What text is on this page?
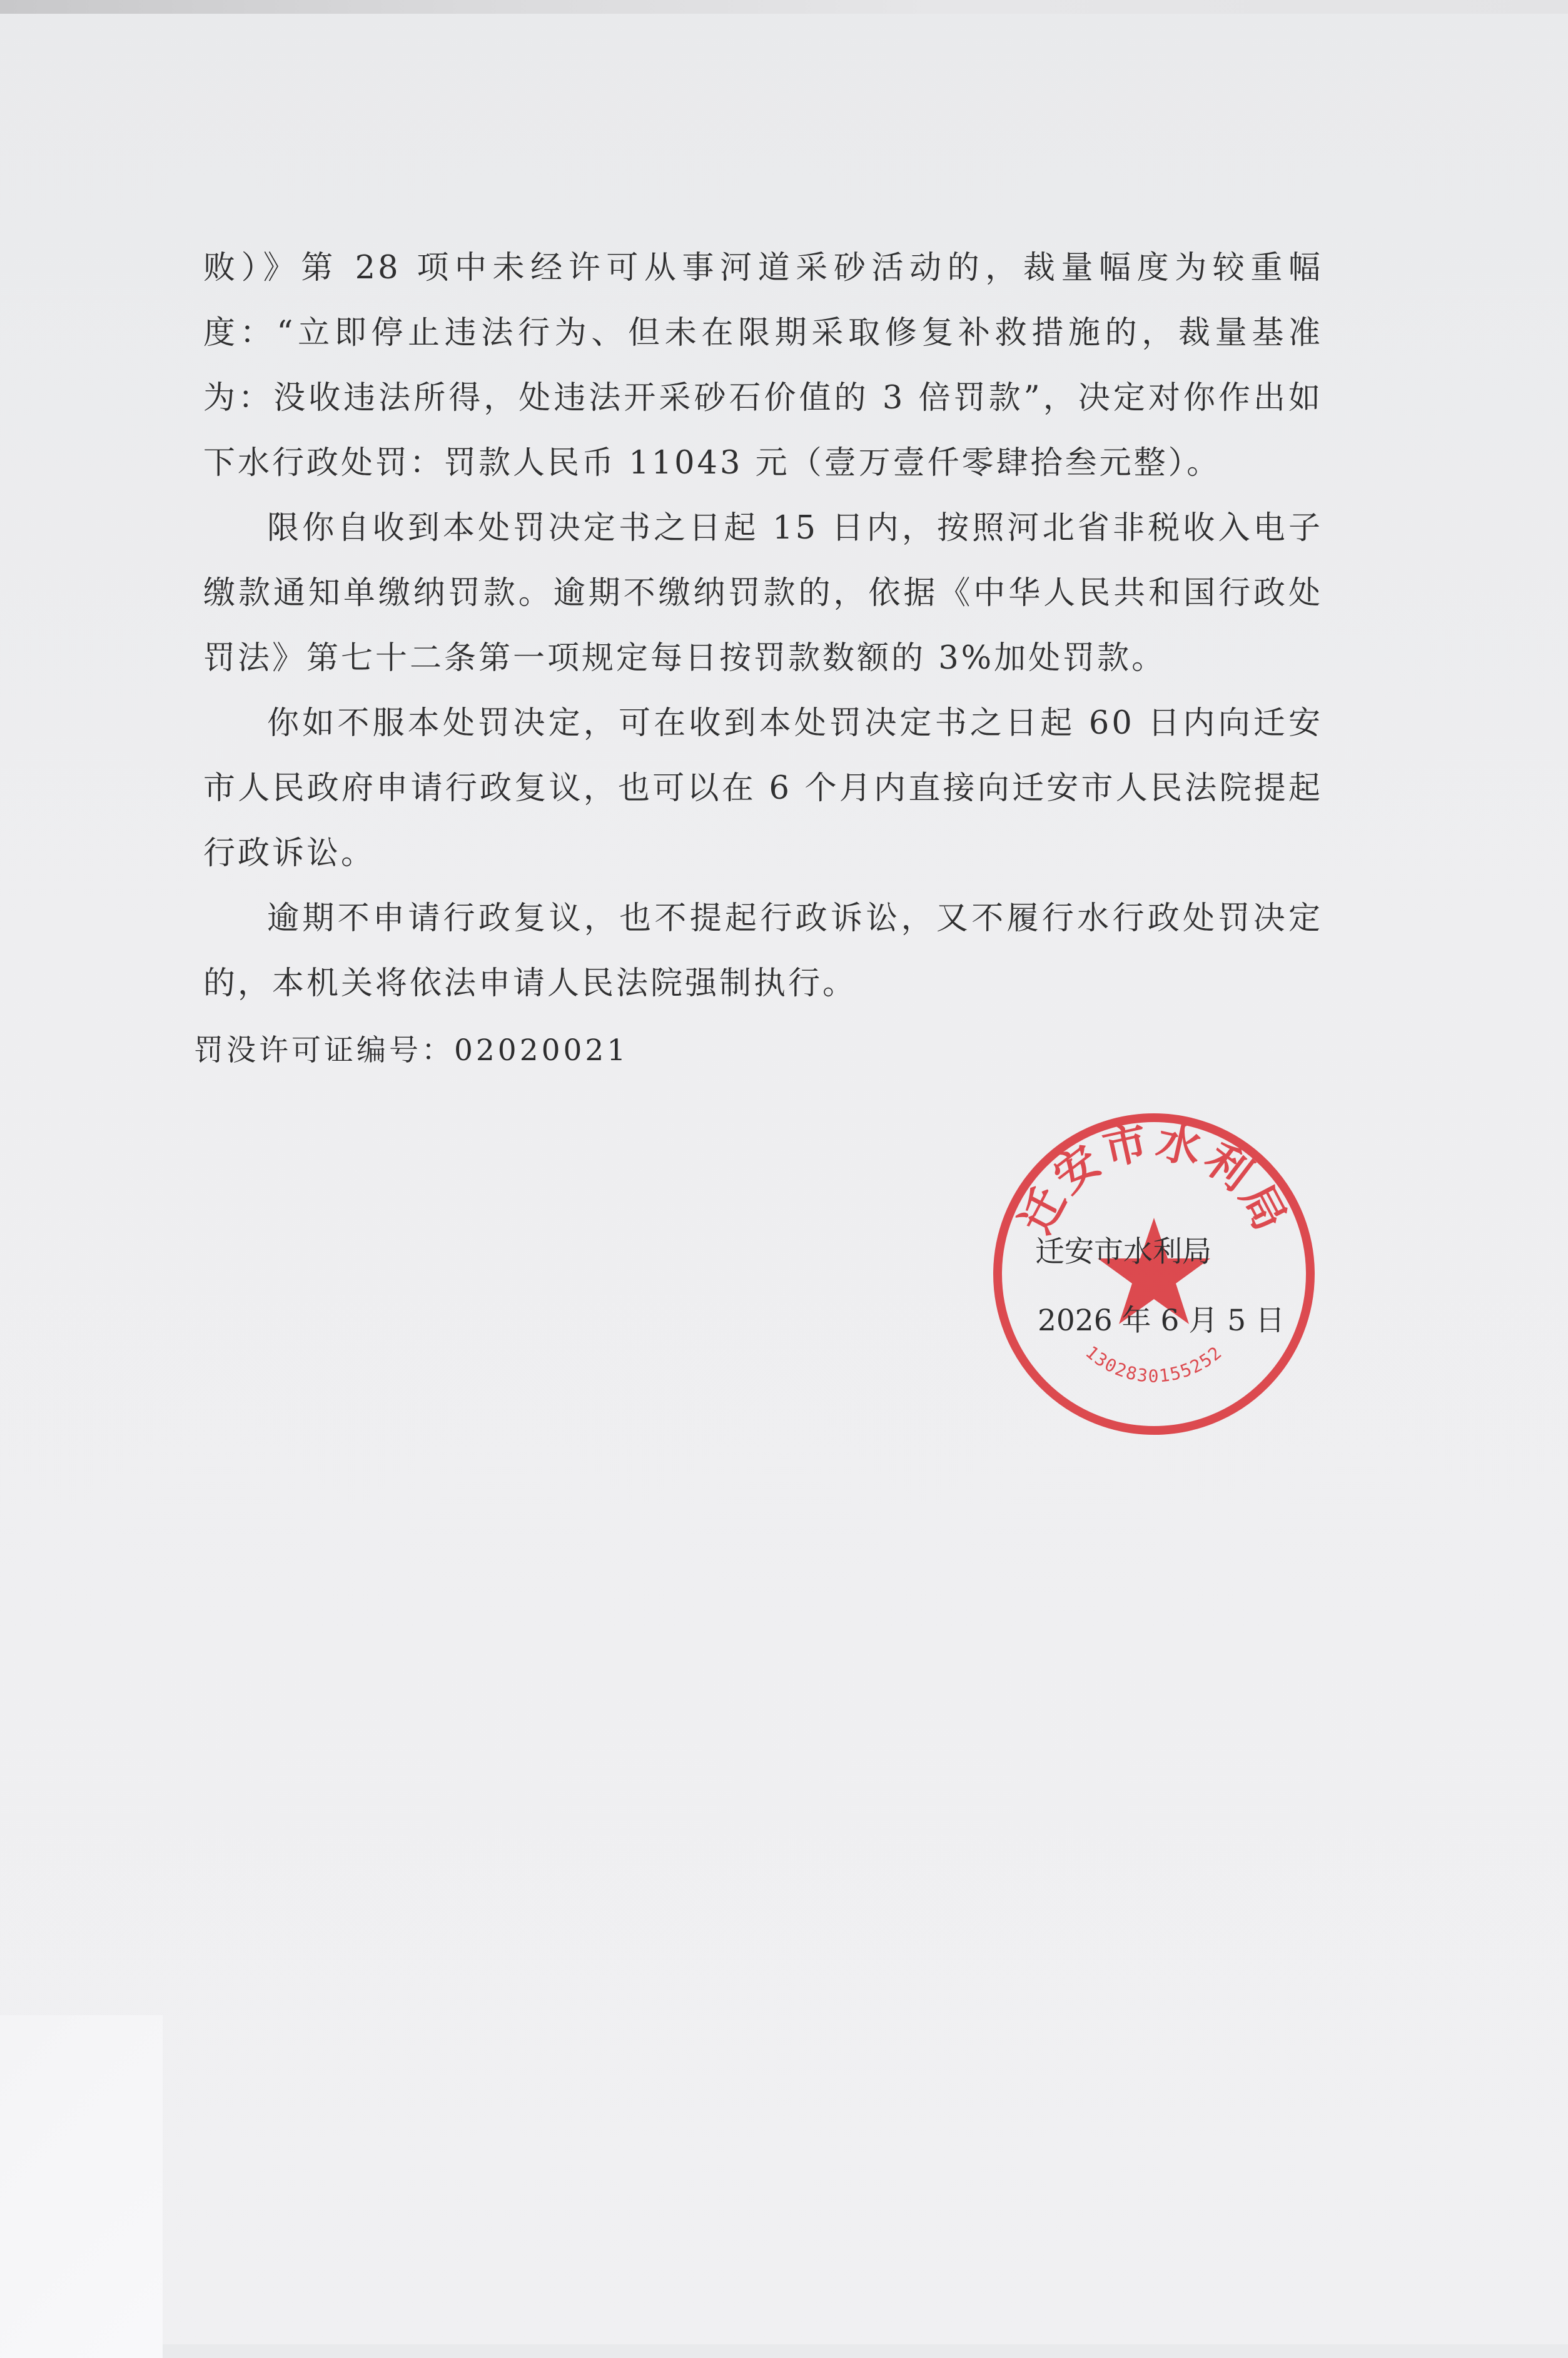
败）》第 28 项中未经许可从事河道采砂活动的，裁量幅度为较重幅度：“立即停止违法行为、但未在限期采取修复补救措施的，裁量基准为：没收违法所得，处违法开采砂石价值的 3 倍罚款”，决定对你作出如下水行政处罚：罚款人民币 11043 元（壹万壹仟零肆拾叁元整）。

限你自收到本处罚决定书之日起 15 日内，按照河北省非税收入电子缴款通知单缴纳罚款。逾期不缴纳罚款的，依据《中华人民共和国行政处罚法》第七十二条第一项规定每日按罚款数额的 3%加处罚款。

你如不服本处罚决定，可在收到本处罚决定书之日起 60 日内向迁安市人民政府申请行政复议，也可以在 6 个月内直接向迁安市人民法院提起行政诉讼。

逾期不申请行政复议，也不提起行政诉讼，又不履行水行政处罚决定的，本机关将依法申请人民法院强制执行。

罚没许可证编号：02020021
迁安市水利局
1302830155252
迁安市水利局
2026 年 6 月 5 日
